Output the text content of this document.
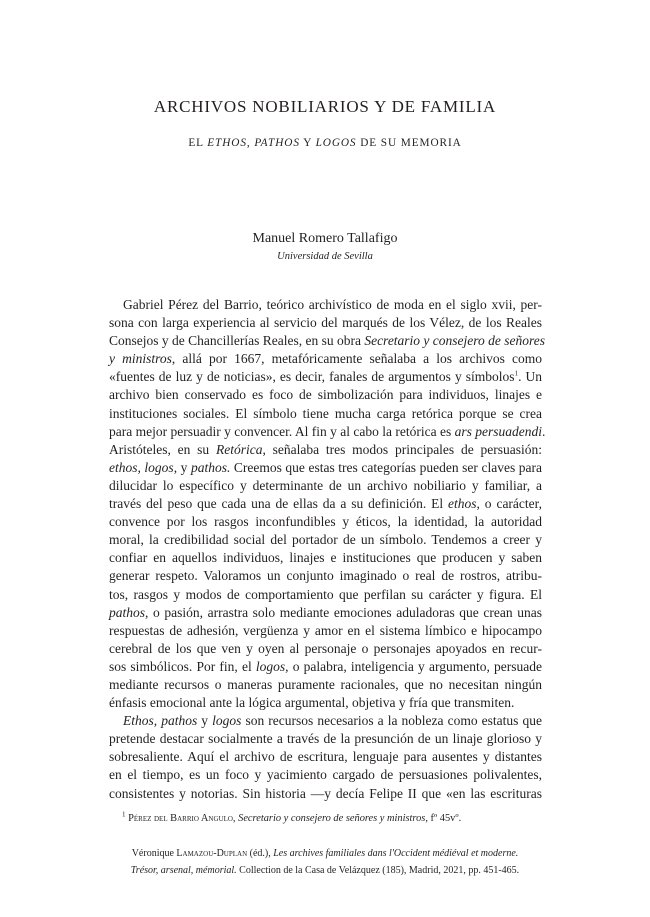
ARCHIVOS NOBILIARIOS Y DE FAMILIA
EL ETHOS, PATHOS Y LOGOS DE SU MEMORIA
Manuel Romero Tallafigo
Universidad de Sevilla
Gabriel Pérez del Barrio, teórico archivístico de moda en el siglo xvii, per-
sona con larga experiencia al servicio del marqués de los Vélez, de los Reales
Consejos y de Chancillerías Reales, en su obra Secretario y consejero de señores
y ministros, allá por 1667, metafóricamente señalaba a los archivos como
«fuentes de luz y de noticias», es decir, fanales de argumentos y símbolos$^1$. Un
archivo bien conservado es foco de simbolización para individuos, linajes e
instituciones sociales. El símbolo tiene mucha carga retórica porque se crea
para mejor persuadir y convencer. Al fin y al cabo la retórica es ars persuadendi.
Aristóteles, en su Retórica, señalaba tres modos principales de persuasión:
ethos, logos, y pathos. Creemos que estas tres categorías pueden ser claves para
dilucidar lo específico y determinante de un archivo nobiliario y familiar, a
través del peso que cada una de ellas da a su definición. El ethos, o carácter,
convence por los rasgos inconfundibles y éticos, la identidad, la autoridad
moral, la credibilidad social del portador de un símbolo. Tendemos a creer y
confiar en aquellos individuos, linajes e instituciones que producen y saben
generar respeto. Valoramos un conjunto imaginado o real de rostros, atribu-
tos, rasgos y modos de comportamiento que perfilan su carácter y figura. El
pathos, o pasión, arrastra solo mediante emociones aduladoras que crean unas
respuestas de adhesión, vergüenza y amor en el sistema límbico e hipocampo
cerebral de los que ven y oyen al personaje o personajes apoyados en recur-
sos simbólicos. Por fin, el logos, o palabra, inteligencia y argumento, persuade
mediante recursos o maneras puramente racionales, que no necesitan ningún
énfasis emocional ante la lógica argumental, objetiva y fría que transmiten.
Ethos, pathos y logos son recursos necesarios a la nobleza como estatus que
pretende destacar socialmente a través de la presunción de un linaje glorioso y
sobresaliente. Aquí el archivo de escritura, lenguaje para ausentes y distantes
en el tiempo, es un foco y yacimiento cargado de persuasiones polivalentes,
consistentes y notorias. Sin historia —y decía Felipe II que «en las escrituras
$^1$ Pérez del Barrio Angulo, Secretario y consejero de señores y ministros, fº 45vº.
Véronique Lamazou-Duplan (éd.), Les archives familiales dans l'Occident médiéval et moderne.
Trésor, arsenal, mémorial. Collection de la Casa de Velázquez (185), Madrid, 2021, pp. 451-465.
